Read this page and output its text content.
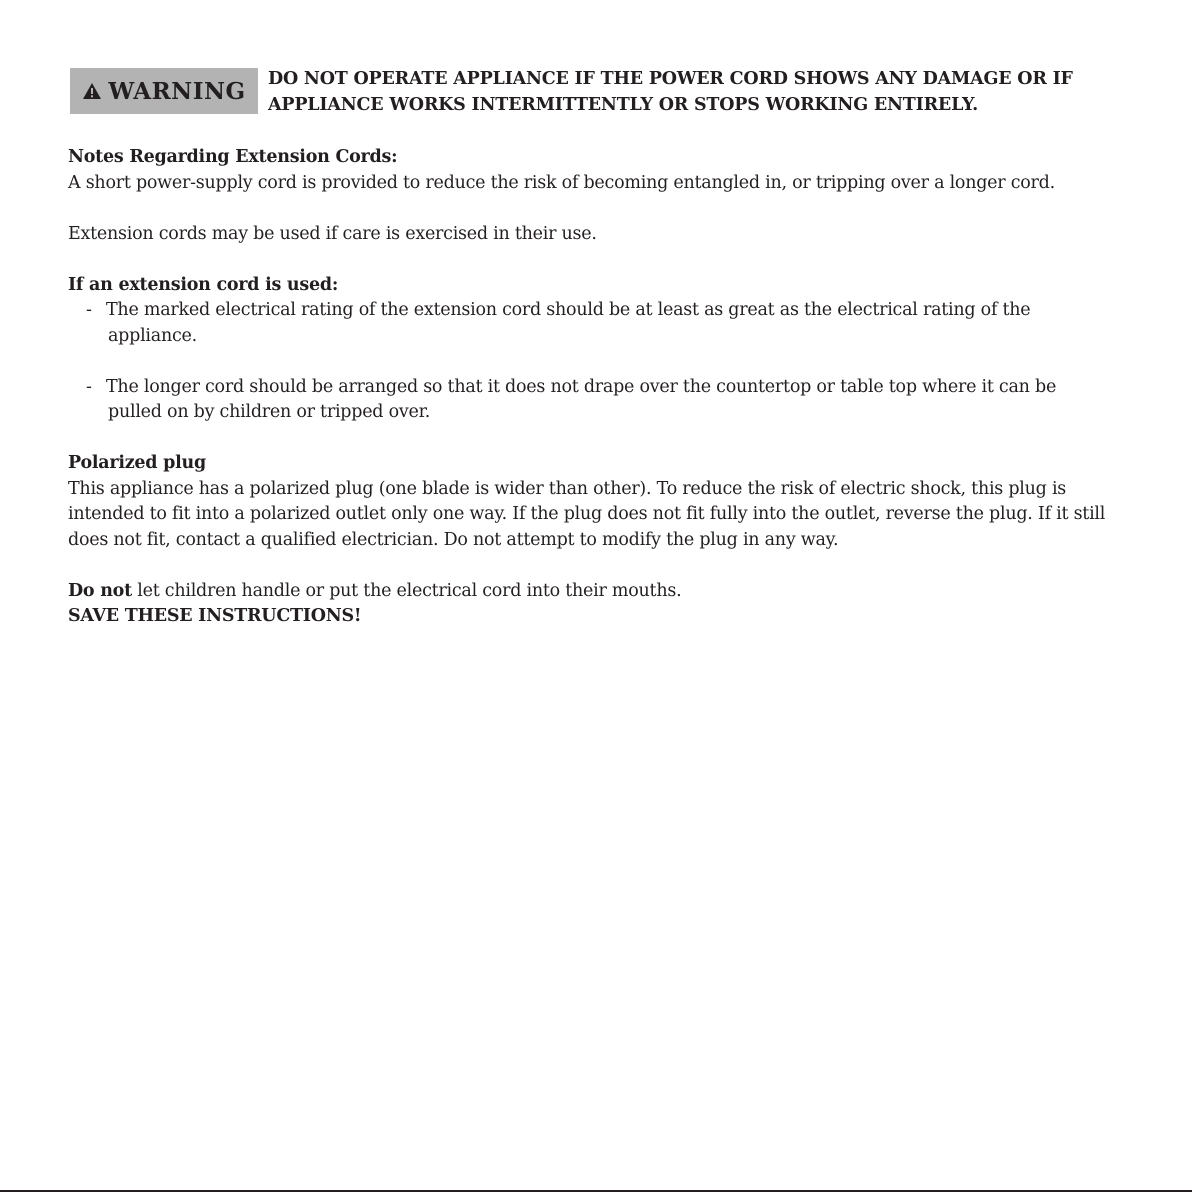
WARNING DO NOT OPERATE APPLIANCE IF THE POWER CORD SHOWS ANY DAMAGE OR IF
APPLIANCE WORKS INTERMITTENTLY OR STOPS WORKING ENTIRELY.
Notes Regarding Extension Cords:
A short power-supply cord is provided to reduce the risk of becoming entangled in, or tripping over a longer cord.
Extension cords may be used if care is exercised in their use.
If an extension cord is used:
- The marked electrical rating of the extension cord should be at least as great as the electrical rating of the
appliance.
- The longer cord should be arranged so that it does not drape over the countertop or table top where it can be
pulled on by children or tripped over.
Polarized plug
This appliance has a polarized plug (one blade is wider than other). To reduce the risk of electric shock, this plug is
intended to fit into a polarized outlet only one way. If the plug does not fit fully into the outlet, reverse the plug. If it still
does not fit, contact a qualified electrician. Do not attempt to modify the plug in any way.
Do not let children handle or put the electrical cord into their mouths.
SAVE THESE INSTRUCTIONS!
